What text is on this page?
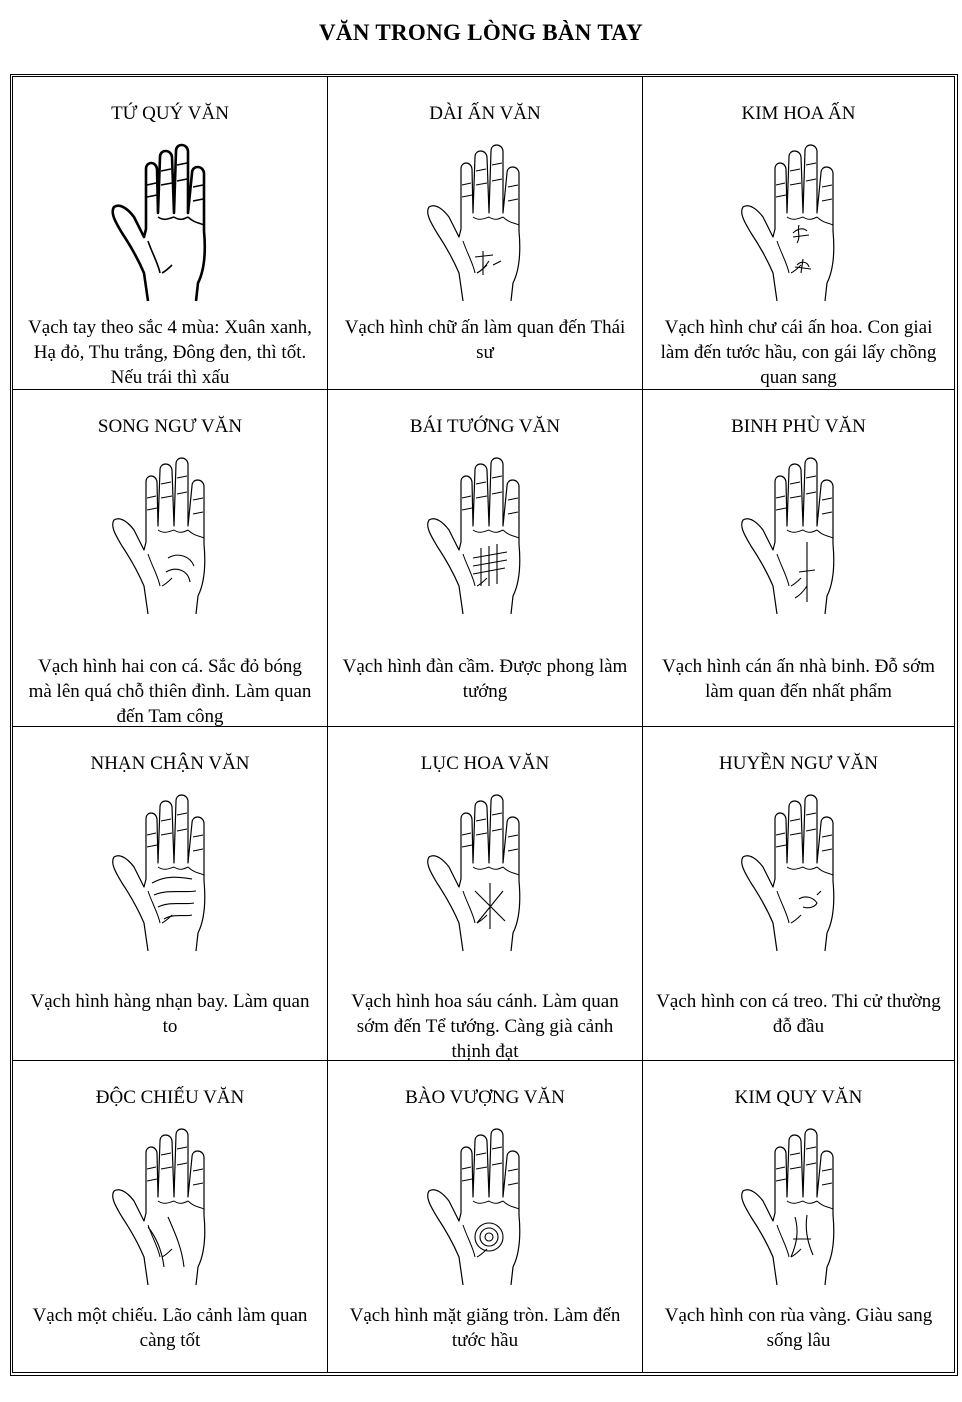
VĂN TRONG LÒNG BÀN TAY
TỨ QUÝ VĂN
Vạch tay theo sắc 4 mùa: Xuân xanh, Hạ đỏ, Thu trắng, Đông đen, thì tốt. Nếu trái thì xấu
DÀI ẤN VĂN
Vạch hình chữ ấn làm quan đến Thái sư
KIM HOA ẤN
Vạch hình chư cái ấn hoa. Con giai làm đến tước hầu, con gái lấy chồng quan sang
SONG NGƯ VĂN
Vạch hình hai con cá. Sắc đỏ bóng mà lên quá chỗ thiên đình. Làm quan đến Tam công
BÁI TƯỚNG VĂN
Vạch hình đàn cầm. Được phong làm tướng
BINH PHÙ VĂN
Vạch hình cán ấn nhà binh. Đỗ sớm làm quan đến nhất phẩm
NHẠN CHẬN VĂN
Vạch hình hàng nhạn bay. Làm quan to
LỤC HOA VĂN
Vạch hình hoa sáu cánh. Làm quan sớm đến Tể tướng. Càng già cảnh thịnh đạt
HUYỀN NGƯ VĂN
Vạch hình con cá treo. Thi cử thường đỗ đầu
ĐỘC CHIẾU VĂN
Vạch một chiếu. Lão cảnh làm quan càng tốt
BÀO VƯỢNG VĂN
Vạch hình mặt giăng tròn. Làm đến tước hầu
KIM QUY VĂN
Vạch hình con rùa vàng. Giàu sang sống lâu
